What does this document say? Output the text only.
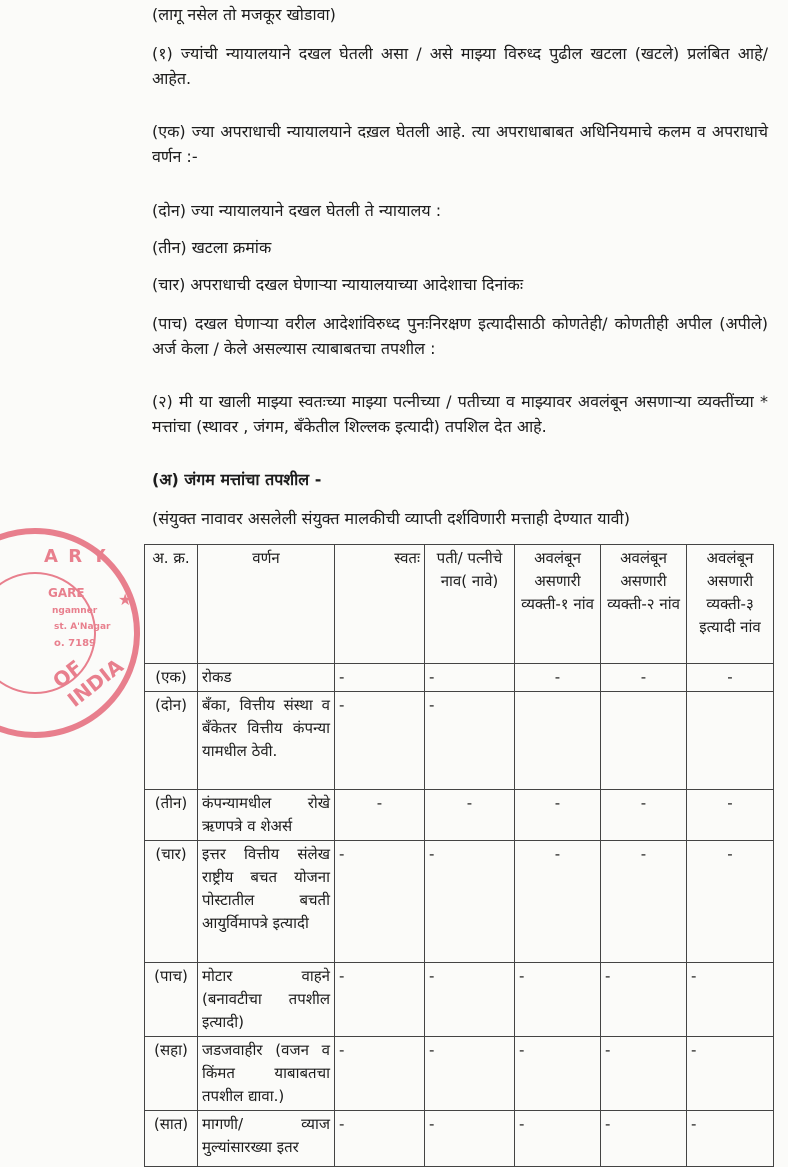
(लागू नसेल तो मजकूर खोडावा)
(१) ज्यांची न्यायालयाने दखल घेतली असा / असे माझ्या विरुध्द पुढील खटला (खटले) प्रलंबित आहे/ आहेत.
(एक) ज्या अपराधाची न्यायालयाने दख़ल घेतली आहे. त्या अपराधाबाबत अधिनियमाचे कलम व अपराधाचे वर्णन :-
(दोन) ज्या न्यायालयाने दखल घेतली ते न्यायालय :
(तीन) खटला क्रमांक
(चार) अपराधाची दखल घेणाऱ्या न्यायालयाच्या आदेशाचा दिनांकः
(पाच) दखल घेणाऱ्या वरील आदेशांविरुध्द पुनःनिरक्षण इत्यादीसाठी कोणतेही/ कोणतीही अपील (अपीले) अर्ज केला / केले असल्यास त्याबाबतचा तपशील :
(२) मी या खाली माझ्या स्वतःच्या माझ्या पत्नीच्या / पतीच्या व माझ्यावर अवलंबून असणाऱ्या व्यक्तींच्या * मत्तांचा (स्थावर , जंगम, बँकेतील शिल्लक इत्यादी) तपशिल देत आहे.
(अ) जंगम मत्तांचा तपशील -
(संयुक्त नावावर असलेली संयुक्त मालकीची व्याप्ती दर्शविणारी मत्ताही देण्यात यावी)
A R Y
GARE
ngamner
st. A'Nagar
o. 7189
OF INDIA
★
अ. क्र.	वर्णन	स्वतः	पती/ पत्नीचे नाव( नावे)	अवलंबून असणारी व्यक्ती-१ नांव	अवलंबून असणारी व्यक्ती-२ नांव	अवलंबून असणारी व्यक्ती-३ इत्यादी नांव
(एक)	रोकड	-	-	-	-	-
(दोन)	बँका, वित्तीय संस्था व बँकेतर वित्तीय कंपन्या यामधील ठेवी.	-	-			
(तीन)	कंपन्यामधील रोखे ऋणपत्रे व शेअर्स	-	-	-	-	-
(चार)	इत्तर वित्तीय संलेख राष्ट्रीय बचत योजना पोस्टातील बचती आयुर्विमापत्रे इत्यादी	-	-	-	-	-
(पाच)	मोटार वाहने (बनावटीचा तपशील इत्यादी)	-	-	-	-	-
(सहा)	जडजवाहीर (वजन व किंमत याबाबतचा तपशील द्यावा.)	-	-	-	-	-
(सात)	मागणी/ व्याज मुल्यांसारख्या इतर	-	-	-	-	-
